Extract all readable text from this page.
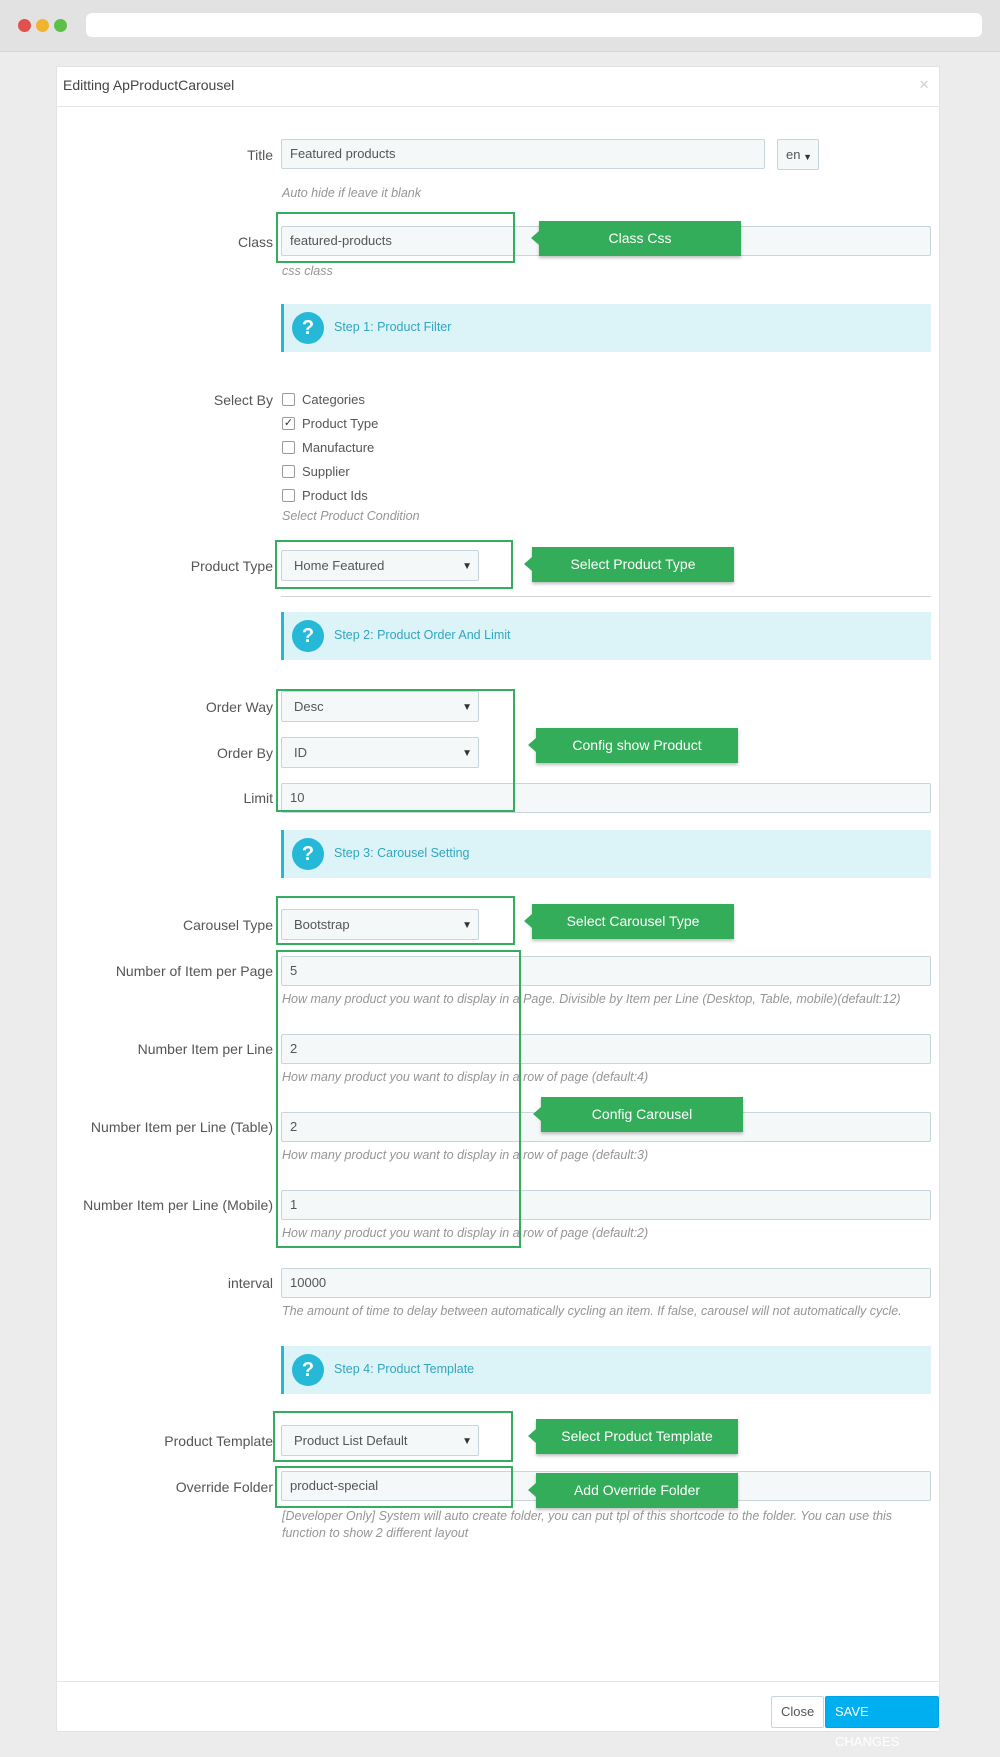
Editting ApProductCarousel	×
Title	Featured products	en ▼
Auto hide if leave it blank
Class	featured-products
css class
Class Css
?	Step 1: Product Filter
Select By Categories
✓ Product Type
Manufacture
Supplier
Product Ids
Select Product Condition
Product Type	Home Featured	▼	Select Product Type
?	Step 2: Product Order And Limit
Order Way	Desc	▼
Order By	ID	▼
Limit	10
Config show Product
?	Step 3: Carousel Setting
Carousel Type	Bootstrap	▼	Select Carousel Type
Number of Item per Page	5
How many product you want to display in a Page. Divisible by Item per Line (Desktop, Table, mobile)(default:12)
Number Item per Line	2
How many product you want to display in a row of page (default:4)
Number Item per Line (Table)	2
How many product you want to display in a row of page (default:3)
Number Item per Line (Mobile)	1
How many product you want to display in a row of page (default:2)
Config Carousel
interval	10000
The amount of time to delay between automatically cycling an item. If false, carousel will not automatically cycle.
?	Step 4: Product Template
Product Template	Product List Default	▼	Select Product Template
Override Folder	product-special	Add Override Folder
[Developer Only] System will auto create folder, you can put tpl of this shortcode to the folder. You can use this
function to show 2 different layout
Close	SAVE CHANGES
